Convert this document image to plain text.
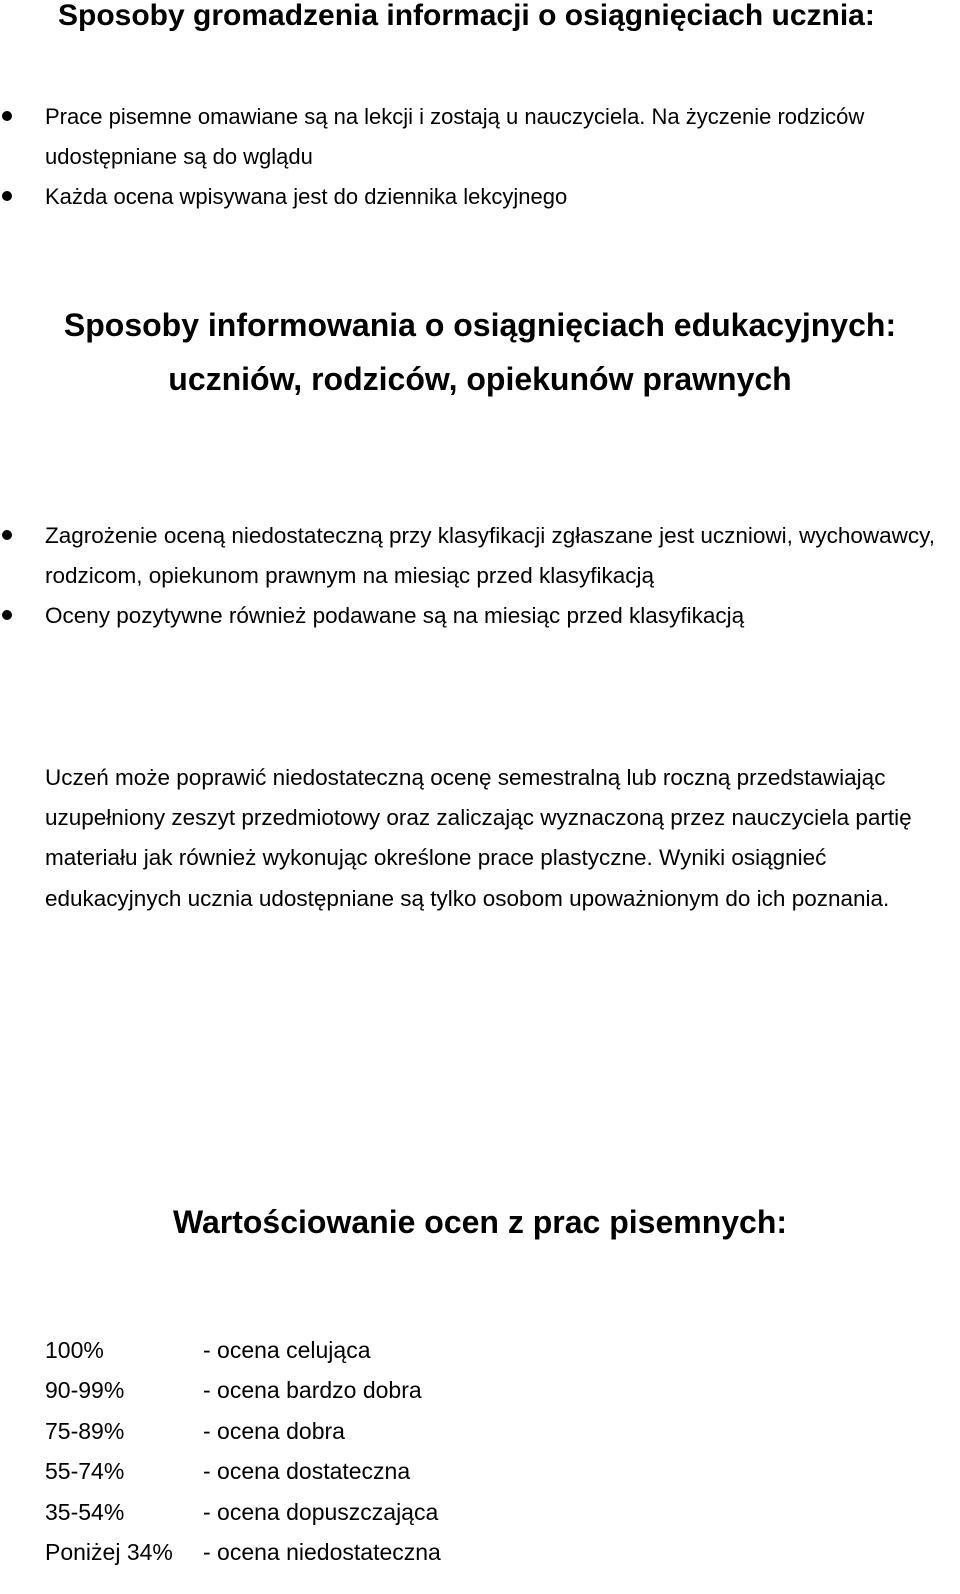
Sposoby gromadzenia informacji o osiągnięciach ucznia:
Prace pisemne omawiane są na lekcji i zostają u nauczyciela. Na życzenie rodziców udostępniane są do wglądu
Każda ocena wpisywana jest do dziennika lekcyjnego
Sposoby informowania o osiągnięciach edukacyjnych:
uczniów, rodziców, opiekunów prawnych
Zagrożenie oceną niedostateczną przy klasyfikacji zgłaszane jest uczniowi, wychowawcy, rodzicom, opiekunom prawnym na miesiąc przed klasyfikacją
Oceny pozytywne również podawane są na miesiąc przed klasyfikacją

Uczeń może poprawić niedostateczną ocenę semestralną lub roczną przedstawiając uzupełniony zeszyt przedmiotowy oraz zaliczając wyznaczoną przez nauczyciela partię materiału jak również wykonując określone prace plastyczne. Wyniki osiągnieć edukacyjnych ucznia udostępniane są tylko osobom upoważnionym do ich poznania.

Wartościowanie ocen z prac pisemnych:
100%	- ocena celująca
90-99%	- ocena bardzo dobra
75-89%	- ocena dobra
55-74%	- ocena dostateczna
35-54%	- ocena dopuszczająca
Poniżej 34%	- ocena niedostateczna
